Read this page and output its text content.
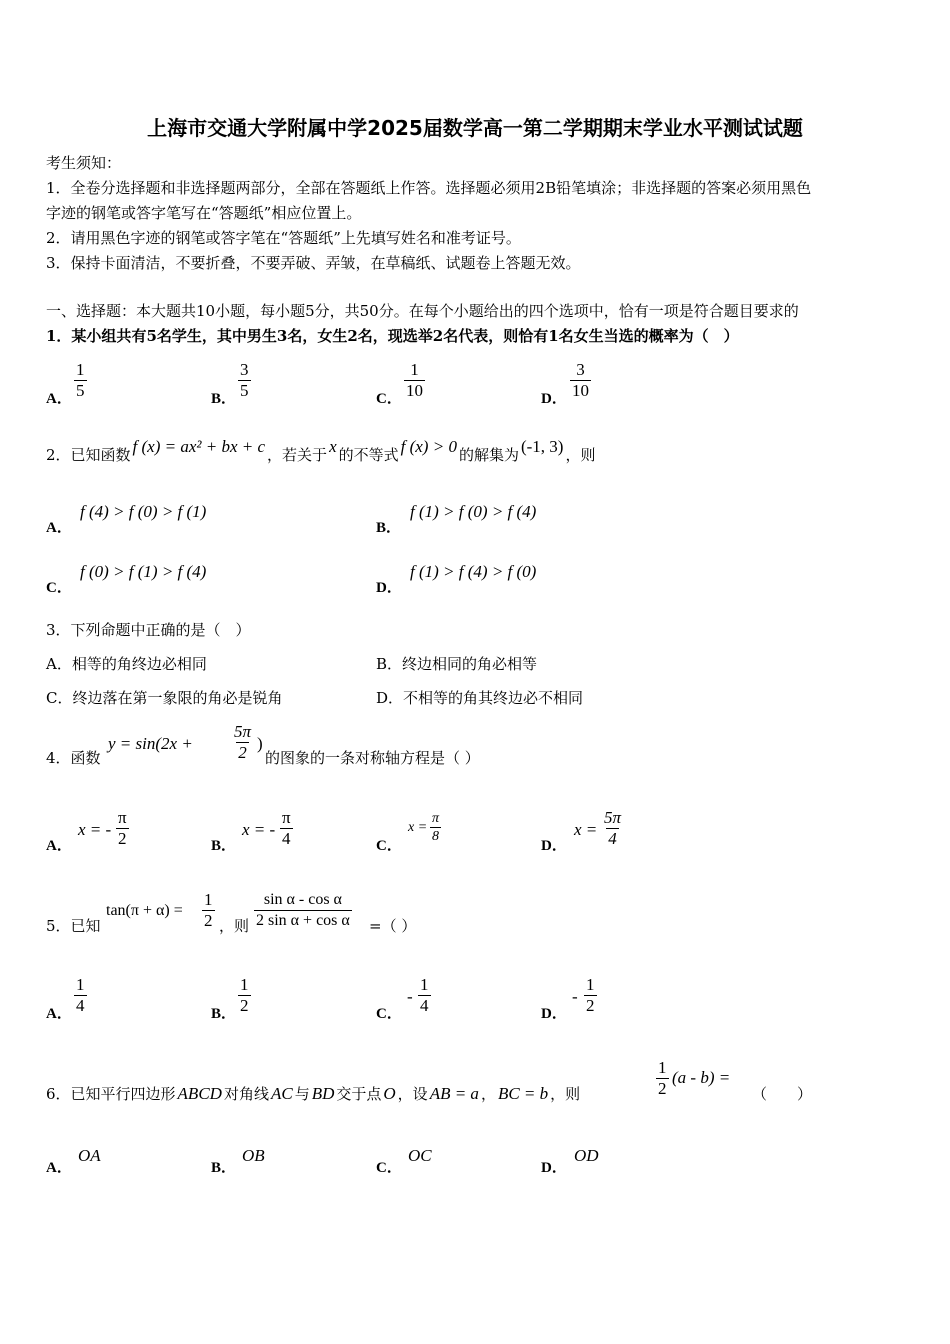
上海市交通大学附属中学2025届数学高一第二学期期末学业水平测试试题
考生须知：
1．全卷分选择题和非选择题两部分，全部在答题纸上作答。选择题必须用2B铅笔填涂；非选择题的答案必须用黑色
字迹的钢笔或答字笔写在“答题纸”相应位置上。
2．请用黑色字迹的钢笔或答字笔在“答题纸”上先填写姓名和准考证号。
3．保持卡面清洁，不要折叠，不要弄破、弄皱，在草稿纸、试题卷上答题无效。
一、选择题：本大题共10小题，每小题5分，共50分。在每个小题给出的四个选项中，恰有一项是符合题目要求的
1．某小组共有5名学生，其中男生3名，女生2名，现选举2名代表，则恰有1名女生当选的概率为（　）
A． $\frac{1}{5}$	B． $\frac{3}{5}$	C． $\frac{1}{10}$	D． $\frac{3}{10}$
2．已知函数 f (x) = ax² + bx + c ，若关于 x 的不等式 f (x) > 0 的解集为 (-1, 3) ，则
A．
f (4) > f (0) > f (1)
B．
f (1) > f (0) > f (4)
C．
f (0) > f (1) > f (4)
D．
f (1) > f (4) > f (0)
3．下列命题中正确的是（　）
A．相等的角终边必相同	B．终边相同的角必相等
C．终边落在第一象限的角必是锐角	D．不相等的角其终边必不相同
4．函数
$y = \sin(2x + \frac{5\pi}{2}$ )
的图象的一条对称轴方程是（ ）
A．
x = - $\frac{\pi}{2}$	B．
x = - $\frac{\pi}{4}$	C．
$x = \frac{\pi}{8}$
D．
$x = \frac{5\pi}{4}$
5．已知
$\tan(\pi + \alpha) = \frac{1}{2}$ ，则 $\frac{\text{sin α - cos α}}{\text{2 sin α + cos α}}$ =（ ）
A． $\frac{1}{4}$	B． $\frac{1}{2}$	C．
- $\frac{1}{4}$	D．
- $\frac{1}{2}$
6．已知平行四边形 ABCD 对角线 AC 与 BD 交于点 O ，设 AB = a ， BC = b ，则	$\frac{1}{2} (a - b)$ =
（　　）
A．
OA
B．
OB
C．
OC
D．
OD
